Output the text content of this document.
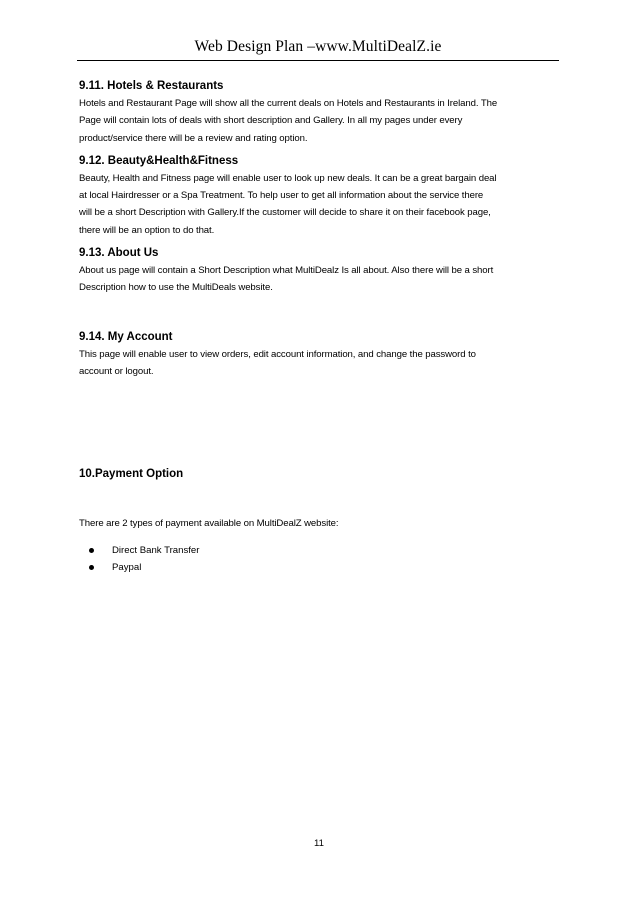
Web Design Plan –www.MultiDealZ.ie
9.11. Hotels & Restaurants

Hotels and Restaurant Page will show all the current deals on Hotels and Restaurants in Ireland. The

Page will contain lots of deals with short description and Gallery. In all my pages under every

product/service there will be a review and rating option.

9.12. Beauty&Health&Fitness

Beauty, Health and Fitness page will enable user to look up new deals. It can be a great bargain deal

at local Hairdresser or a Spa Treatment. To help user to get all information about the service there

will be a short Description with Gallery.If the customer will decide to share it on their facebook page,

there will be an option to do that.

9.13. About Us

About us page will contain a Short Description what MultiDealz Is all about. Also there will be a short

Description how to use the MultiDeals website.

9.14. My Account

This page will enable user to view orders, edit account information, and change the password to

account or logout.

10.Payment Option

There are 2 types of payment available on MultiDealZ website:

Direct Bank Transfer
Paypal
11
